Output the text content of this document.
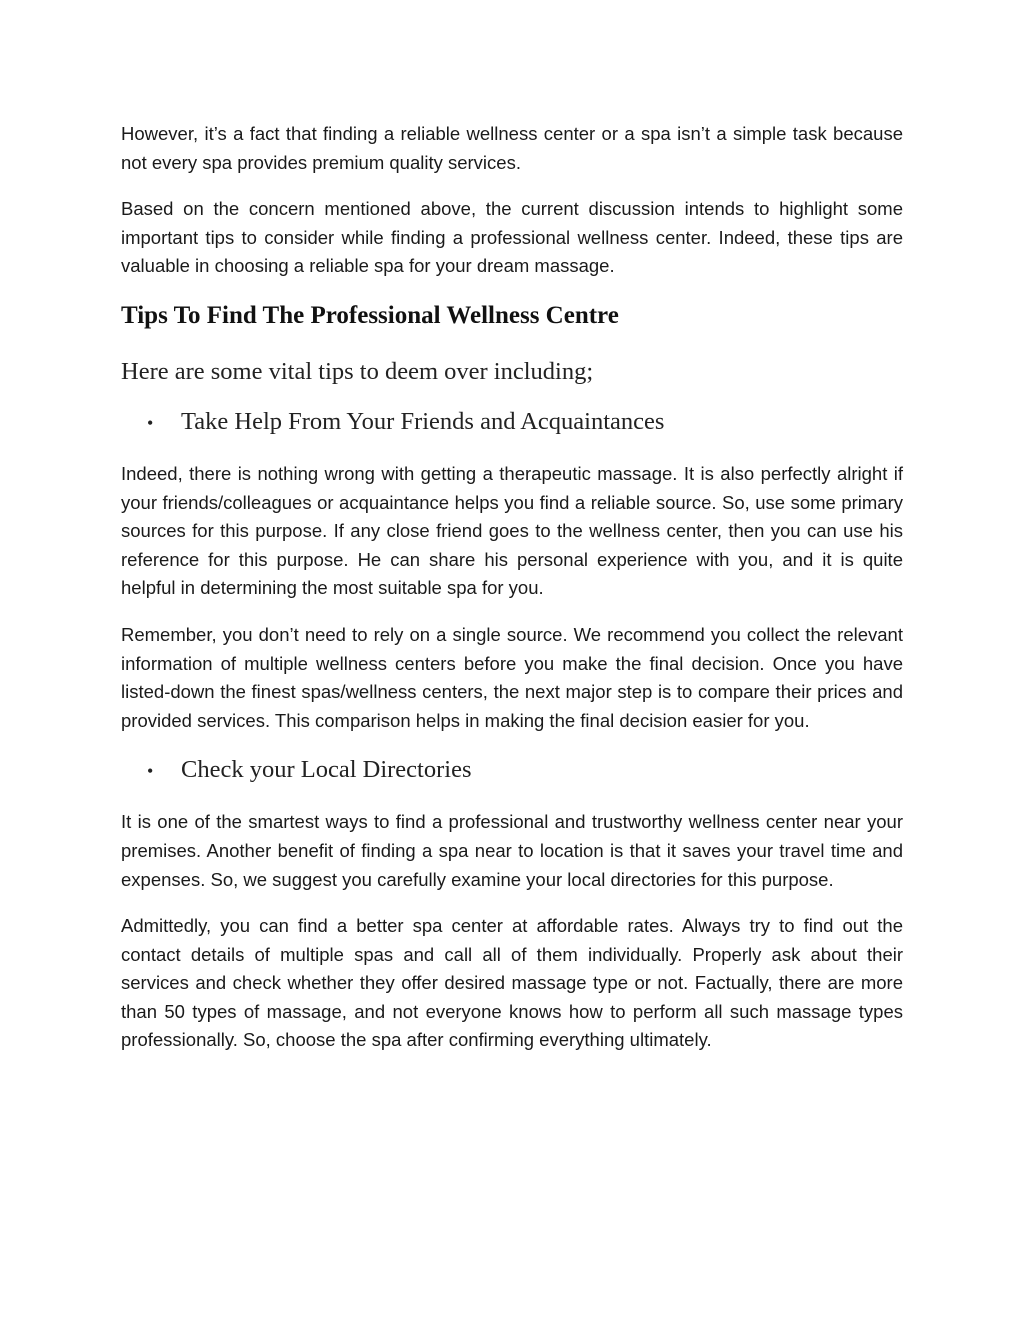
However, it’s a fact that finding a reliable wellness center or a spa isn’t a simple task because not every spa provides premium quality services.

Based on the concern mentioned above, the current discussion intends to highlight some important tips to consider while finding a professional wellness center. Indeed, these tips are valuable in choosing a reliable spa for your dream massage.

Tips To Find The Professional Wellness Centre

Here are some vital tips to deem over including;

•	Take Help From Your Friends and Acquaintances

Indeed, there is nothing wrong with getting a therapeutic massage. It is also perfectly alright if your friends/colleagues or acquaintance helps you find a reliable source. So, use some primary sources for this purpose. If any close friend goes to the wellness center, then you can use his reference for this purpose. He can share his personal experience with you, and it is quite helpful in determining the most suitable spa for you.

Remember, you don’t need to rely on a single source. We recommend you collect the relevant information of multiple wellness centers before you make the final decision. Once you have listed-down the finest spas/wellness centers, the next major step is to compare their prices and provided services. This comparison helps in making the final decision easier for you.

•	Check your Local Directories

It is one of the smartest ways to find a professional and trustworthy wellness center near your premises. Another benefit of finding a spa near to location is that it saves your travel time and expenses. So, we suggest you carefully examine your local directories for this purpose.

Admittedly, you can find a better spa center at affordable rates. Always try to find out the contact details of multiple spas and call all of them individually. Properly ask about their services and check whether they offer desired massage type or not. Factually, there are more than 50 types of massage, and not everyone knows how to perform all such massage types professionally. So, choose the spa after confirming everything ultimately.
